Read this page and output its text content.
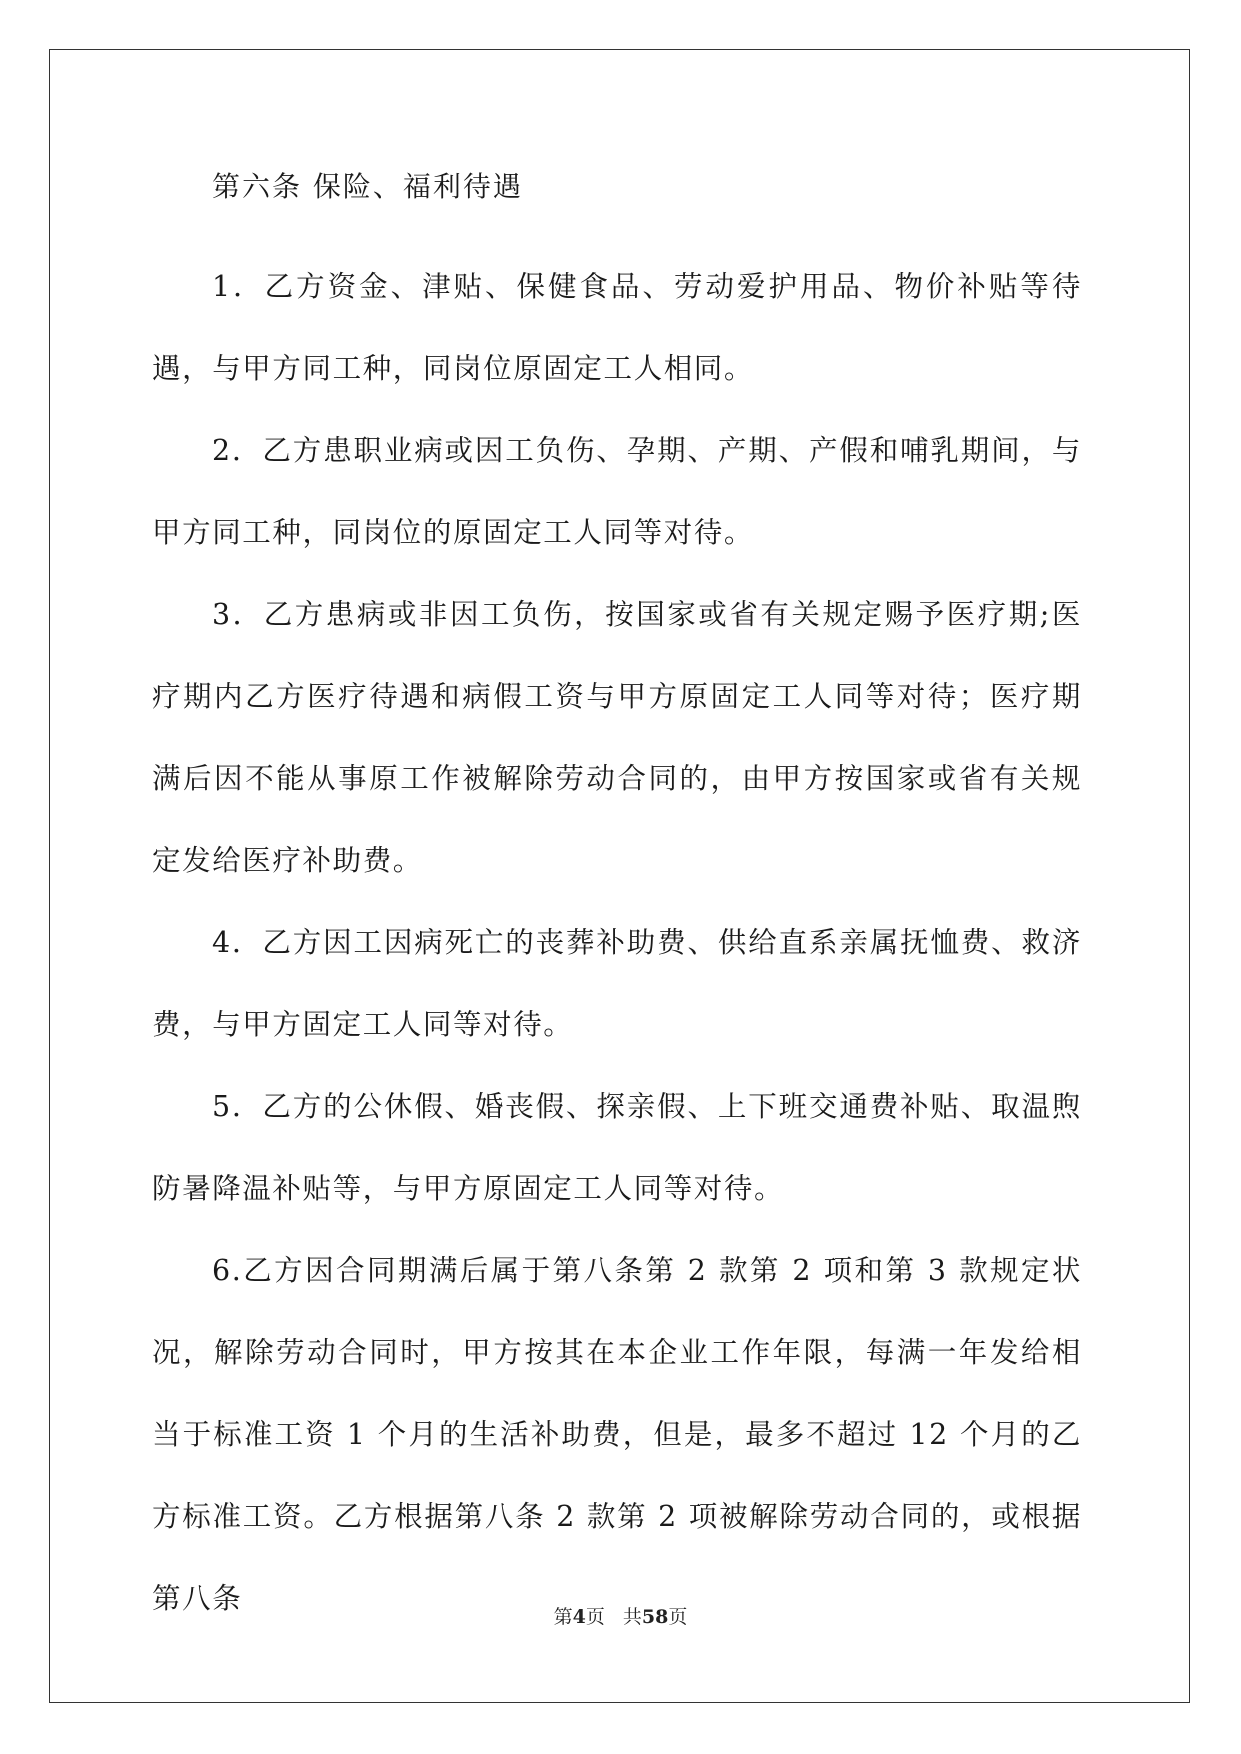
第六条 保险、福利待遇

1．乙方资金、津贴、保健食品、劳动爱护用品、物价补贴等待遇，与甲方同工种，同岗位原固定工人相同。

2．乙方患职业病或因工负伤、孕期、产期、产假和哺乳期间，与甲方同工种，同岗位的原固定工人同等对待。

3．乙方患病或非因工负伤，按国家或省有关规定赐予医疗期;医疗期内乙方医疗待遇和病假工资与甲方原固定工人同等对待；医疗期满后因不能从事原工作被解除劳动合同的，由甲方按国家或省有关规定发给医疗补助费。

4．乙方因工因病死亡的丧葬补助费、供给直系亲属抚恤费、救济费，与甲方固定工人同等对待。

5．乙方的公休假、婚丧假、探亲假、上下班交通费补贴、取温煦防暑降温补贴等，与甲方原固定工人同等对待。

6.乙方因合同期满后属于第八条第 2 款第 2 项和第 3 款规定状况，解除劳动合同时，甲方按其在本企业工作年限，每满一年发给相当于标准工资 1 个月的生活补助费，但是，最多不超过 12 个月的乙方标准工资。乙方根据第八条 2 款第 2 项被解除劳动合同的，或根据第八条

第4页 共58页
